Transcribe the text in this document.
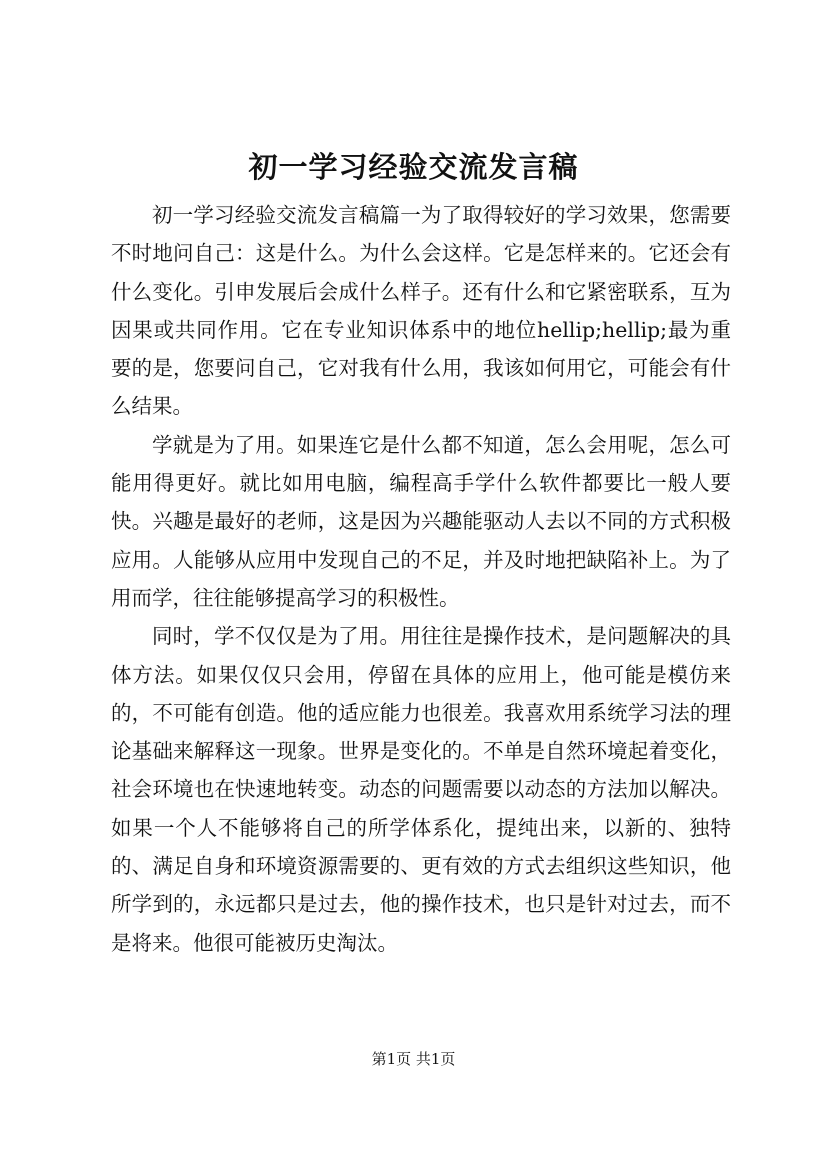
初一学习经验交流发言稿

初一学习经验交流发言稿篇一为了取得较好的学习效果，您需要不时地问自己：这是什么。为什么会这样。它是怎样来的。它还会有什么变化。引申发展后会成什么样子。还有什么和它紧密联系，互为因果或共同作用。它在专业知识体系中的地位hellip;hellip;最为重要的是，您要问自己，它对我有什么用，我该如何用它，可能会有什么结果。

学就是为了用。如果连它是什么都不知道，怎么会用呢，怎么可能用得更好。就比如用电脑，编程高手学什么软件都要比一般人要快。兴趣是最好的老师，这是因为兴趣能驱动人去以不同的方式积极应用。人能够从应用中发现自己的不足，并及时地把缺陷补上。为了用而学，往往能够提高学习的积极性。

同时，学不仅仅是为了用。用往往是操作技术，是问题解决的具体方法。如果仅仅只会用，停留在具体的应用上，他可能是模仿来的，不可能有创造。他的适应能力也很差。我喜欢用系统学习法的理论基础来解释这一现象。世界是变化的。不单是自然环境起着变化，社会环境也在快速地转变。动态的问题需要以动态的方法加以解决。如果一个人不能够将自己的所学体系化，提纯出来，以新的、独特的、满足自身和环境资源需要的、更有效的方式去组织这些知识，他所学到的，永远都只是过去，他的操作技术，也只是针对过去，而不是将来。他很可能被历史淘汰。

第1页 共1页
